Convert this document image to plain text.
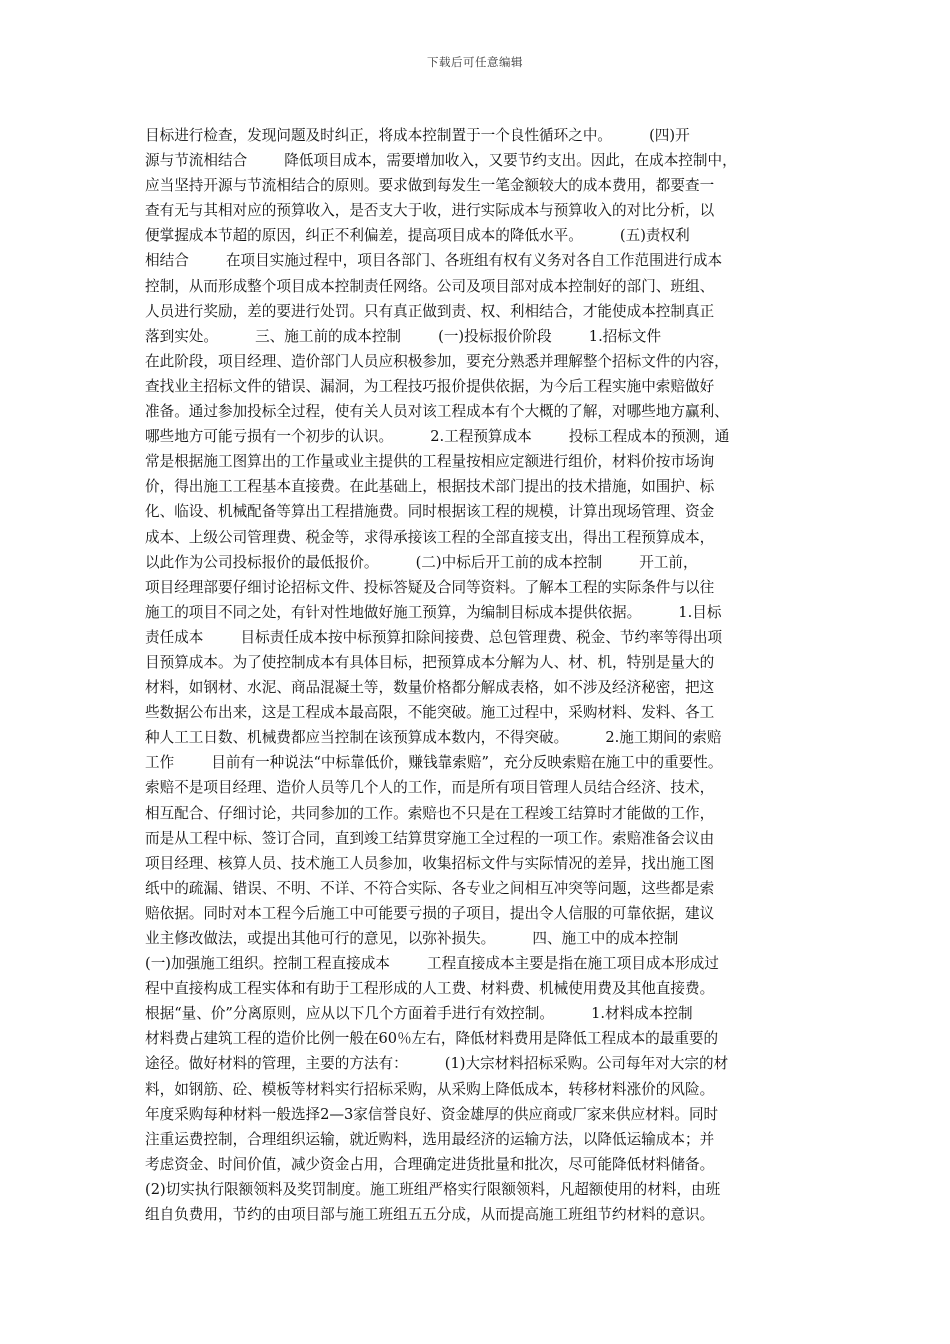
下载后可任意编辑
目标进行检查，发现问题及时纠正，将成本控制置于一个良性循环之中。        (四)开
源与节流相结合        降低项目成本，需要增加收入，又要节约支出。因此，在成本控制中，
应当坚持开源与节流相结合的原则。要求做到每发生一笔金额较大的成本费用，都要查一
查有无与其相对应的预算收入，是否支大于收，进行实际成本与预算收入的对比分析，以
便掌握成本节超的原因，纠正不利偏差，提高项目成本的降低水平。        (五)责权利
相结合        在项目实施过程中，项目各部门、各班组有权有义务对各自工作范围进行成本
控制，从而形成整个项目成本控制责任网络。公司及项目部对成本控制好的部门、班组、
人员进行奖励，差的要进行处罚。只有真正做到责、权、利相结合，才能使成本控制真正
落到实处。        三、施工前的成本控制        (一)投标报价阶段        1.招标文件
在此阶段，项目经理、造价部门人员应积极参加，要充分熟悉并理解整个招标文件的内容，
查找业主招标文件的错误、漏洞，为工程技巧报价提供依据，为今后工程实施中索赔做好
准备。通过参加投标全过程，使有关人员对该工程成本有个大概的了解，对哪些地方赢利、
哪些地方可能亏损有一个初步的认识。        2.工程预算成本        投标工程成本的预测，通
常是根据施工图算出的工作量或业主提供的工程量按相应定额进行组价，材料价按市场询
价，得出施工工程基本直接费。在此基础上，根据技术部门提出的技术措施，如围护、标
化、临设、机械配备等算出工程措施费。同时根据该工程的规模，计算出现场管理、资金
成本、上级公司管理费、税金等，求得承接该工程的全部直接支出，得出工程预算成本，
以此作为公司投标报价的最低报价。        (二)中标后开工前的成本控制        开工前，
项目经理部要仔细讨论招标文件、投标答疑及合同等资料。了解本工程的实际条件与以往
施工的项目不同之处，有针对性地做好施工预算，为编制目标成本提供依据。        1.目标
责任成本        目标责任成本按中标预算扣除间接费、总包管理费、税金、节约率等得出项
目预算成本。为了使控制成本有具体目标，把预算成本分解为人、材、机，特别是量大的
材料，如钢材、水泥、商品混凝土等，数量价格都分解成表格，如不涉及经济秘密，把这
些数据公布出来，这是工程成本最高限，不能突破。施工过程中，采购材料、发料、各工
种人工工日数、机械费都应当控制在该预算成本数内，不得突破。        2.施工期间的索赔
工作        目前有一种说法“中标靠低价，赚钱靠索赔”，充分反映索赔在施工中的重要性。
索赔不是项目经理、造价人员等几个人的工作，而是所有项目管理人员结合经济、技术，
相互配合、仔细讨论，共同参加的工作。索赔也不只是在工程竣工结算时才能做的工作，
而是从工程中标、签订合同，直到竣工结算贯穿施工全过程的一项工作。索赔准备会议由
项目经理、核算人员、技术施工人员参加，收集招标文件与实际情况的差异，找出施工图
纸中的疏漏、错误、不明、不详、不符合实际、各专业之间相互冲突等问题，这些都是索
赔依据。同时对本工程今后施工中可能要亏损的子项目，提出令人信服的可靠依据，建议
业主修改做法，或提出其他可行的意见，以弥补损失。        四、施工中的成本控制
(一)加强施工组织。控制工程直接成本        工程直接成本主要是指在施工项目成本形成过
程中直接构成工程实体和有助于工程形成的人工费、材料费、机械使用费及其他直接费。
根据“量、价”分离原则，应从以下几个方面着手进行有效控制。        1.材料成本控制
材料费占建筑工程的造价比例一般在60％左右，降低材料费用是降低工程成本的最重要的
途径。做好材料的管理，主要的方法有：        (1)大宗材料招标采购。公司每年对大宗的材
料，如钢筋、砼、模板等材料实行招标采购，从采购上降低成本，转移材料涨价的风险。
年度采购每种材料一般选择2—3家信誉良好、资金雄厚的供应商或厂家来供应材料。同时
注重运费控制，合理组织运输，就近购料，选用最经济的运输方法，以降低运输成本；并
考虑资金、时间价值，减少资金占用，合理确定进货批量和批次，尽可能降低材料储备。
(2)切实执行限额领料及奖罚制度。施工班组严格实行限额领料，凡超额使用的材料，由班
组自负费用，节约的由项目部与施工班组五五分成，从而提高施工班组节约材料的意识。
